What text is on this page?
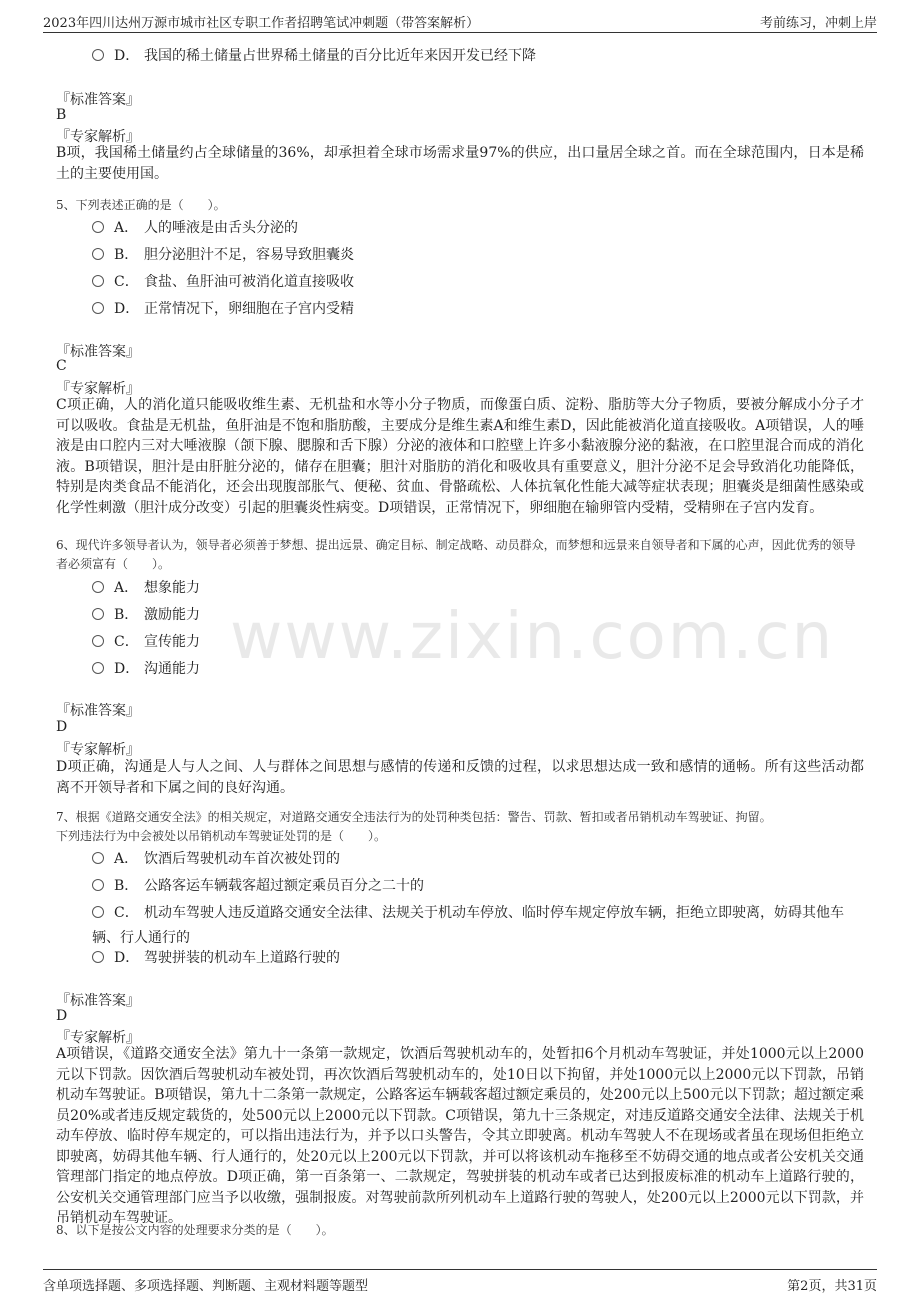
2023年四川达州万源市城市社区专职工作者招聘笔试冲刺题（带答案解析）	考前练习，冲刺上岸
www.zixin.com.cn
D． 我国的稀土储量占世界稀土储量的百分比近年来因开发已经下降
『标准答案』
B
『专家解析』
B项，我国稀土储量约占全球储量的36%，却承担着全球市场需求量97%的供应，出口量居全球之首。而在全球范围内，日本是稀土的主要使用国。
5、下列表述正确的是（　　）。
A． 人的唾液是由舌头分泌的
B． 胆分泌胆汁不足，容易导致胆囊炎
C． 食盐、鱼肝油可被消化道直接吸收
D． 正常情况下，卵细胞在子宫内受精
『标准答案』
C
『专家解析』
C项正确，人的消化道只能吸收维生素、无机盐和水等小分子物质，而像蛋白质、淀粉、脂肪等大分子物质，要被分解成小分子才可以吸收。食盐是无机盐，鱼肝油是不饱和脂肪酸，主要成分是维生素A和维生素D，因此能被消化道直接吸收。A项错误，人的唾液是由口腔内三对大唾液腺（颌下腺、腮腺和舌下腺）分泌的液体和口腔壁上许多小黏液腺分泌的黏液，在口腔里混合而成的消化液。B项错误，胆汁是由肝脏分泌的，储存在胆囊；胆汁对脂肪的消化和吸收具有重要意义，胆汁分泌不足会导致消化功能降低，特别是肉类食品不能消化，还会出现腹部胀气、便秘、贫血、骨骼疏松、人体抗氧化性能大减等症状表现；胆囊炎是细菌性感染或化学性刺激（胆汁成分改变）引起的胆囊炎性病变。D项错误，正常情况下，卵细胞在输卵管内受精，受精卵在子宫内发育。
6、现代许多领导者认为，领导者必须善于梦想、提出远景、确定目标、制定战略、动员群众，而梦想和远景来自领导者和下属的心声，因此优秀的领导者必须富有（　　）。
A． 想象能力
B． 激励能力
C． 宣传能力
D． 沟通能力
『标准答案』
D
『专家解析』
D项正确，沟通是人与人之间、人与群体之间思想与感情的传递和反馈的过程，以求思想达成一致和感情的通畅。所有这些活动都离不开领导者和下属之间的良好沟通。
7、根据《道路交通安全法》的相关规定，对道路交通安全违法行为的处罚种类包括：警告、罚款、暂扣或者吊销机动车驾驶证、拘留。
下列违法行为中会被处以吊销机动车驾驶证处罚的是（　　）。
A． 饮酒后驾驶机动车首次被处罚的
B． 公路客运车辆载客超过额定乘员百分之二十的
C． 机动车驾驶人违反道路交通安全法律、法规关于机动车停放、临时停车规定停放车辆，拒绝立即驶离，妨碍其他车辆、行人通行的
D． 驾驶拼装的机动车上道路行驶的
『标准答案』
D
『专家解析』
A项错误，《道路交通安全法》第九十一条第一款规定，饮酒后驾驶机动车的，处暂扣6个月机动车驾驶证，并处1000元以上2000元以下罚款。因饮酒后驾驶机动车被处罚，再次饮酒后驾驶机动车的，处10日以下拘留，并处1000元以上2000元以下罚款，吊销机动车驾驶证。B项错误，第九十二条第一款规定，公路客运车辆载客超过额定乘员的，处200元以上500元以下罚款；超过额定乘员20%或者违反规定载货的，处500元以上2000元以下罚款。C项错误，第九十三条规定，对违反道路交通安全法律、法规关于机动车停放、临时停车规定的，可以指出违法行为，并予以口头警告，令其立即驶离。机动车驾驶人不在现场或者虽在现场但拒绝立即驶离，妨碍其他车辆、行人通行的，处20元以上200元以下罚款，并可以将该机动车拖移至不妨碍交通的地点或者公安机关交通管理部门指定的地点停放。D项正确，第一百条第一、二款规定，驾驶拼装的机动车或者已达到报废标准的机动车上道路行驶的，公安机关交通管理部门应当予以收缴，强制报废。对驾驶前款所列机动车上道路行驶的驾驶人，处200元以上2000元以下罚款，并吊销机动车驾驶证。
8、以下是按公文内容的处理要求分类的是（　　）。
含单项选择题、多项选择题、判断题、主观材料题等题型	第2页，共31页
